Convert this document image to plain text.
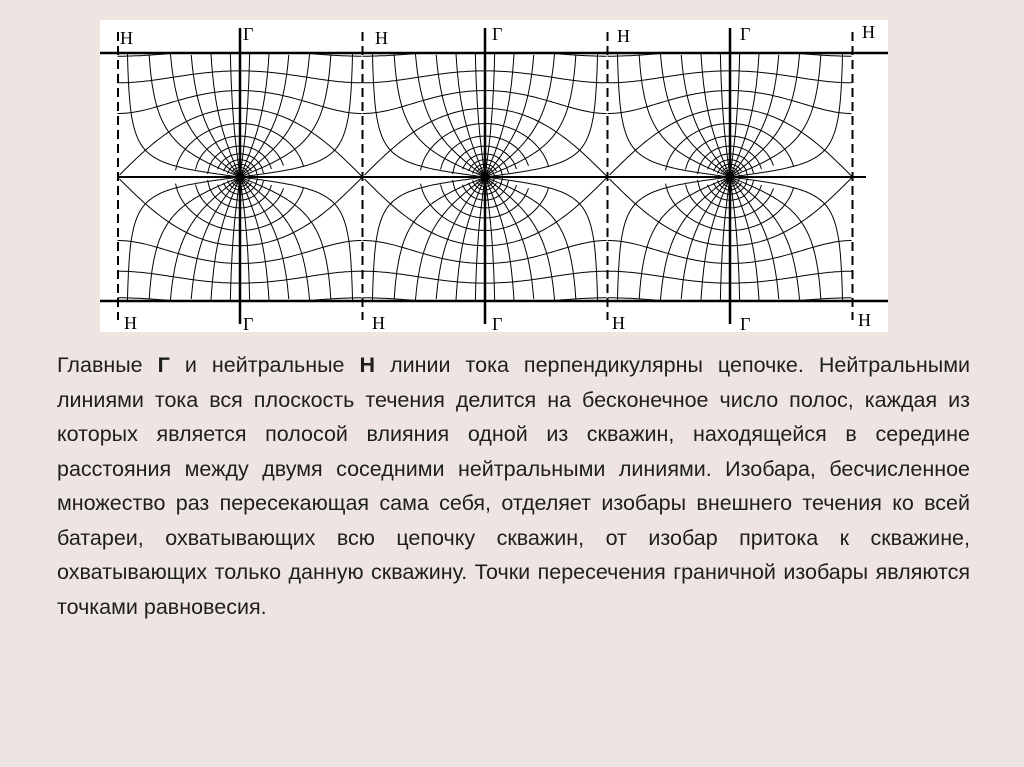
Н	Н	Н	Н
Н	Н	Н	Н
Г	Г	Г
Г	Г	Г

Главные Г и нейтральные Н линии тока перпендикулярны цепочке. Нейтральными линиями тока вся плоскость течения делится на бесконечное число полос, каждая из которых является полосой влияния одной из скважин, находящейся в середине расстояния между двумя соседними нейтральными линиями. Изобара, бесчисленное множество раз пересекающая сама себя, отделяет изобары внешнего течения ко всей батареи, охватывающих всю цепочку скважин, от изобар притока к скважине, охватывающих только данную скважину. Точки пересечения граничной изобары являются точками равновесия.
